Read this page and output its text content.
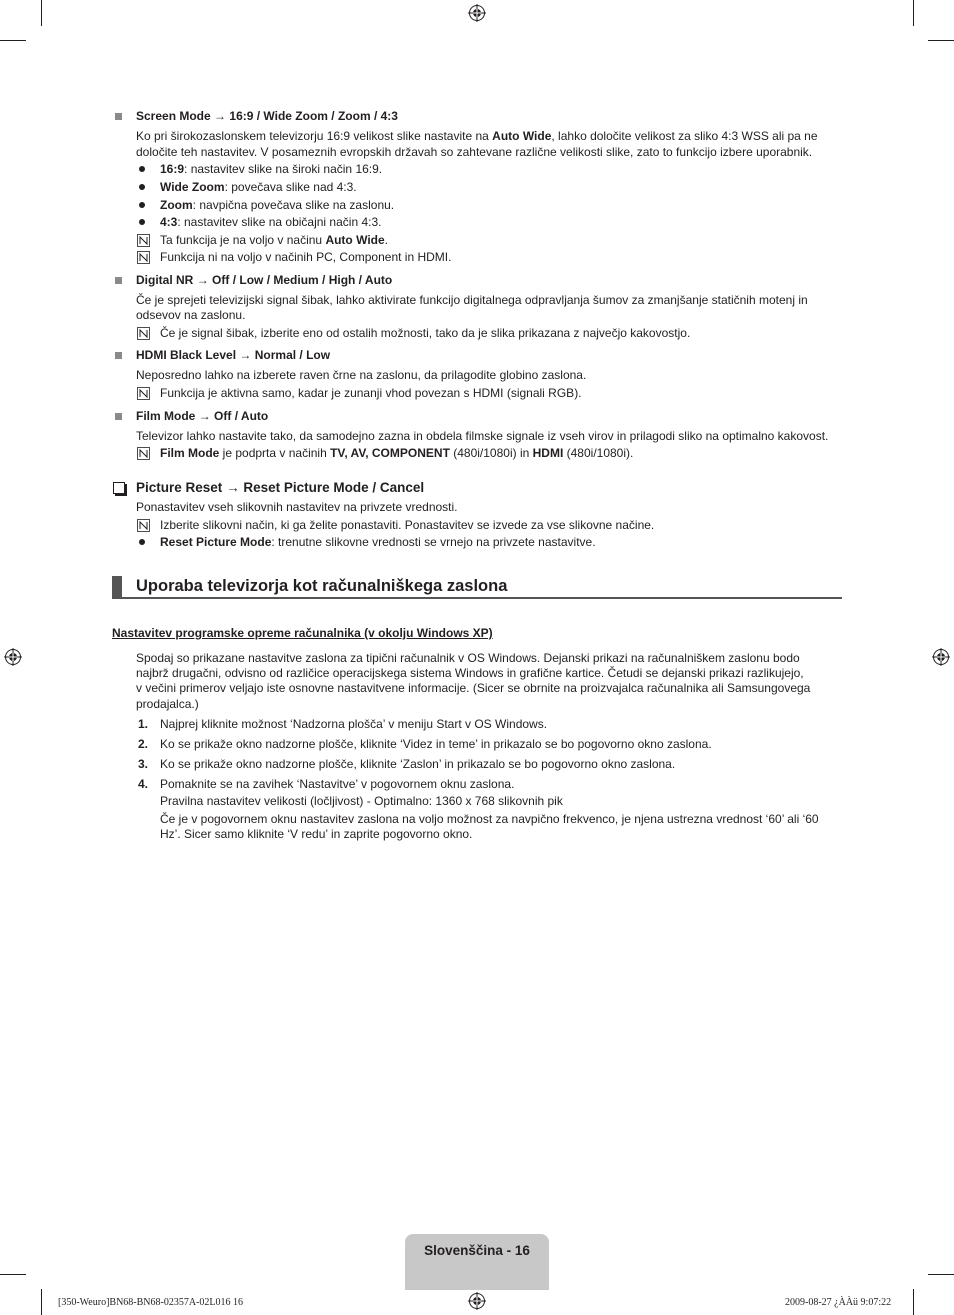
Screen Mode → 16:9 / Wide Zoom / Zoom / 4:3
Ko pri širokozaslonskem televizorju 16:9 velikost slike nastavite na Auto Wide, lahko določite velikost za sliko 4:3 WSS ali pa ne
določite teh nastavitev. V posameznih evropskih državah so zahtevane različne velikosti slike, zato to funkcijo izbere uporabnik.
16:9: nastavitev slike na široki način 16:9.
Wide Zoom: povečava slike nad 4:3.
Zoom: navpična povečava slike na zaslonu.
4:3: nastavitev slike na običajni način 4:3.
Ta funkcija je na voljo v načinu Auto Wide.
Funkcija ni na voljo v načinih PC, Component in HDMI.
Digital NR → Off / Low / Medium / High / Auto
Če je sprejeti televizijski signal šibak, lahko aktivirate funkcijo digitalnega odpravljanja šumov za zmanjšanje statičnih motenj in
odsevov na zaslonu.
Če je signal šibak, izberite eno od ostalih možnosti, tako da je slika prikazana z največjo kakovostjo.
HDMI Black Level → Normal / Low
Neposredno lahko na izberete raven črne na zaslonu, da prilagodite globino zaslona.
Funkcija je aktivna samo, kadar je zunanji vhod povezan s HDMI (signali RGB).
Film Mode → Off / Auto
Televizor lahko nastavite tako, da samodejno zazna in obdela filmske signale iz vseh virov in prilagodi sliko na optimalno kakovost.
Film Mode je podprta v načinih TV, AV, COMPONENT (480i/1080i) in HDMI (480i/1080i).
Picture Reset → Reset Picture Mode / Cancel
Ponastavitev vseh slikovnih nastavitev na privzete vrednosti.
Izberite slikovni način, ki ga želite ponastaviti. Ponastavitev se izvede za vse slikovne načine.
Reset Picture Mode: trenutne slikovne vrednosti se vrnejo na privzete nastavitve.
Uporaba televizorja kot računalniškega zaslona
Nastavitev programske opreme računalnika (v okolju Windows XP)
Spodaj so prikazane nastavitve zaslona za tipični računalnik v OS Windows. Dejanski prikazi na računalniškem zaslonu bodo
najbrž drugačni, odvisno od različice operacijskega sistema Windows in grafične kartice. Četudi se dejanski prikazi razlikujejo,
v večini primerov veljajo iste osnovne nastavitvene informacije. (Sicer se obrnite na proizvajalca računalnika ali Samsungovega
prodajalca.)
1. Najprej kliknite možnost ‘Nadzorna plošča’ v meniju Start v OS Windows.
2. Ko se prikaže okno nadzorne plošče, kliknite ‘Videz in teme’ in prikazalo se bo pogovorno okno zaslona.
3. Ko se prikaže okno nadzorne plošče, kliknite ‘Zaslon’ in prikazalo se bo pogovorno okno zaslona.
4. Pomaknite se na zavihek ‘Nastavitve’ v pogovornem oknu zaslona.
Pravilna nastavitev velikosti (ločljivost) - Optimalno: 1360 x 768 slikovnih pik
Če je v pogovornem oknu nastavitev zaslona na voljo možnost za navpično frekvenco, je njena ustrezna vrednost ‘60’ ali ‘60
Hz’. Sicer samo kliknite ‘V redu’ in zaprite pogovorno okno.
Slovenščina - 16
[350-Weuro]BN68-BN68-02357A-02L016 16	2009-08-27 ¿ÀÀü 9:07:22
